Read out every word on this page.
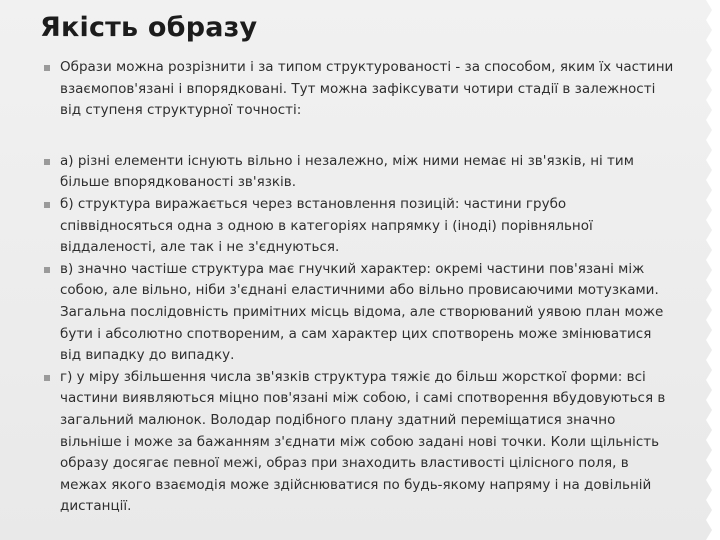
Якість образу
Образи можна розрізнити і за типом структурованості - за способом, яким їх частини взаємопов'язані і впорядковані. Тут можна зафіксувати чотири стадії в залежності від ступеня структурної точності:
а) різні елементи існують вільно і незалежно, між ними немає ні зв'язків, ні тим більше впорядкованості зв'язків.
б) структура виражається через встановлення позицій: частини грубо співвідносяться одна з одною в категоріях напрямку і (іноді) порівняльної віддаленості, але так і не з'єднуються.
в) значно частіше структура має гнучкий характер: окремі частини пов'язані між собою, але вільно, ніби з'єднані еластичними або вільно провисаючими мотузками. Загальна послідовність примітних місць відома, але створюваний уявою план може бути і абсолютно спотвореним, а сам характер цих спотворень може змінюватися від випадку до випадку.
г) у міру збільшення числа зв'язків структура тяжіє до більш жорсткої форми: всі частини виявляються міцно пов'язані між собою, і самі спотворення вбудовуються в загальний малюнок. Володар подібного плану здатний переміщатися значно вільніше і може за бажанням з'єднати між собою задані нові точки. Коли щільність образу досягає певної межі, образ при знаходить властивості цілісного поля, в межах якого взаємодія може здійснюватися по будь-якому напряму і на довільній дистанції.
